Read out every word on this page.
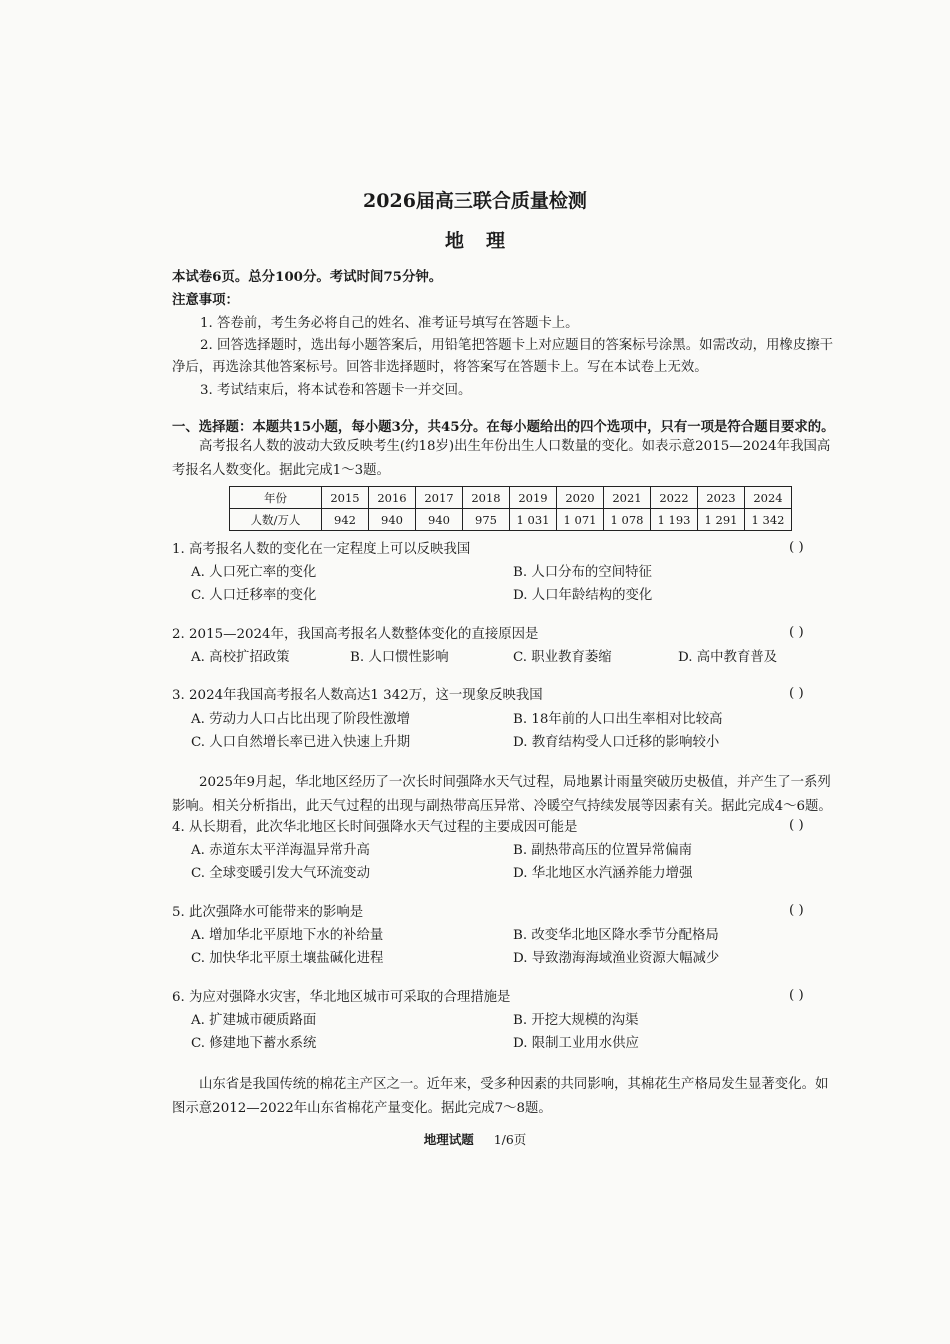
2026届高三联合质量检测
地理
本试卷6页。总分100分。考试时间75分钟。
注意事项：
1. 答卷前，考生务必将自己的姓名、准考证号填写在答题卡上。
2. 回答选择题时，选出每小题答案后，用铅笔把答题卡上对应题目的答案标号涂黑。如需改动，用橡皮擦干
净后，再选涂其他答案标号。回答非选择题时，将答案写在答题卡上。写在本试卷上无效。
3. 考试结束后，将本试卷和答题卡一并交回。
一、选择题：本题共15小题，每小题3分，共45分。在每小题给出的四个选项中，只有一项是符合题目要求的。
高考报名人数的波动大致反映考生(约18岁)出生年份出生人口数量的变化。如表示意2015—2024年我国高考报名人数变化。据此完成1～3题。
年份	2015	2016	2017	2018	2019	2020	2021	2022	2023	2024
人数/万人	942	940	940	975	1 031	1 071	1 078	1 193	1 291	1 342
1. 高考报名人数的变化在一定程度上可以反映我国	( )
A. 人口死亡率的变化	B. 人口分布的空间特征
C. 人口迁移率的变化	D. 人口年龄结构的变化
2. 2015—2024年，我国高考报名人数整体变化的直接原因是	( )
A. 高校扩招政策	B. 人口惯性影响	C. 职业教育萎缩	D. 高中教育普及
3. 2024年我国高考报名人数高达1 342万，这一现象反映我国	( )
A. 劳动力人口占比出现了阶段性激增	B. 18年前的人口出生率相对比较高
C. 人口自然增长率已进入快速上升期	D. 教育结构受人口迁移的影响较小
2025年9月起，华北地区经历了一次长时间强降水天气过程，局地累计雨量突破历史极值，并产生了一系列影响。相关分析指出，此天气过程的出现与副热带高压异常、冷暖空气持续发展等因素有关。据此完成4～6题。
4. 从长期看，此次华北地区长时间强降水天气过程的主要成因可能是	( )
A. 赤道东太平洋海温异常升高	B. 副热带高压的位置异常偏南
C. 全球变暖引发大气环流变动	D. 华北地区水汽涵养能力增强
5. 此次强降水可能带来的影响是	( )
A. 增加华北平原地下水的补给量	B. 改变华北地区降水季节分配格局
C. 加快华北平原土壤盐碱化进程	D. 导致渤海海域渔业资源大幅减少
6. 为应对强降水灾害，华北地区城市可采取的合理措施是	( )
A. 扩建城市硬质路面	B. 开挖大规模的沟渠
C. 修建地下蓄水系统	D. 限制工业用水供应
山东省是我国传统的棉花主产区之一。近年来，受多种因素的共同影响，其棉花生产格局发生显著变化。如图示意2012—2022年山东省棉花产量变化。据此完成7～8题。
地理试题 1/6页
